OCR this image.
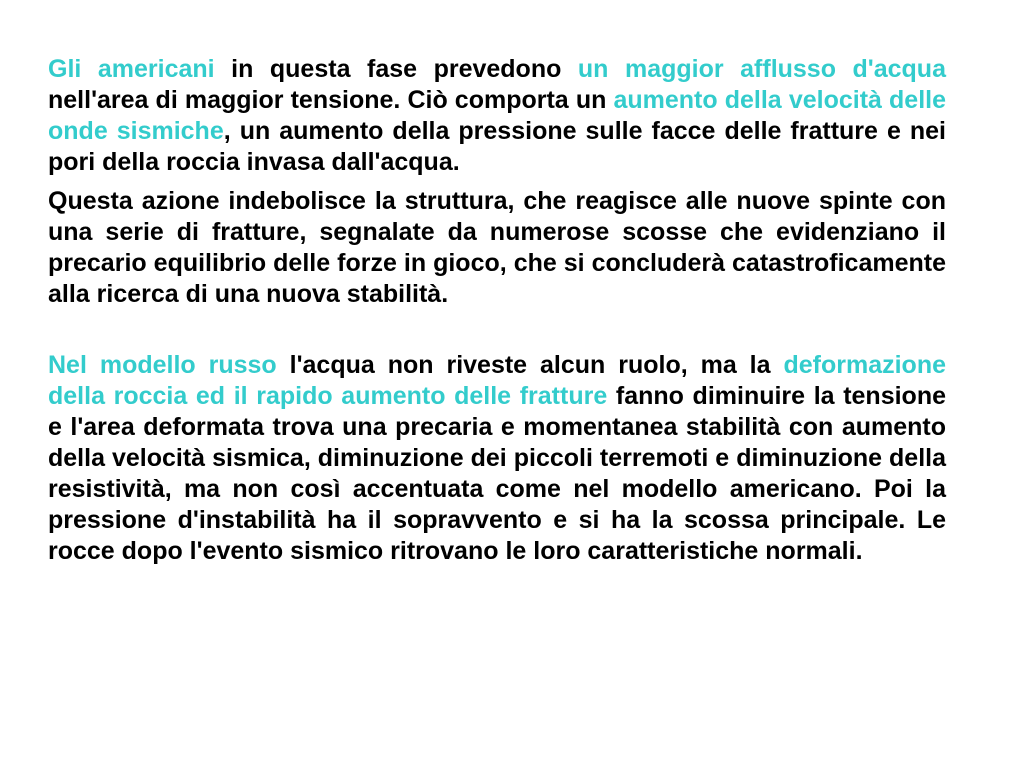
Gli americani in questa fase prevedono un maggior afflusso d'acqua nell'area di maggior tensione. Ciò comporta un aumento della velocità delle onde sismiche, un aumento della pressione sulle facce delle fratture e nei pori della roccia invasa dall'acqua.

Questa azione indebolisce la struttura, che reagisce alle nuove spinte con una serie di fratture, segnalate da numerose scosse che evidenziano il precario equilibrio delle forze in gioco, che si concluderà catastroficamente alla ricerca di una nuova stabilità.

Nel modello russo l'acqua non riveste alcun ruolo, ma la deformazione della roccia ed il rapido aumento delle fratture fanno diminuire la tensione e l'area deformata trova una precaria e momentanea stabilità con aumento della velocità sismica, diminuzione dei piccoli terremoti e diminuzione della resistività, ma non così accentuata come nel modello americano. Poi la pressione d'instabilità ha il sopravvento e si ha la scossa principale. Le rocce dopo l'evento sismico ritrovano le loro caratteristiche normali.
